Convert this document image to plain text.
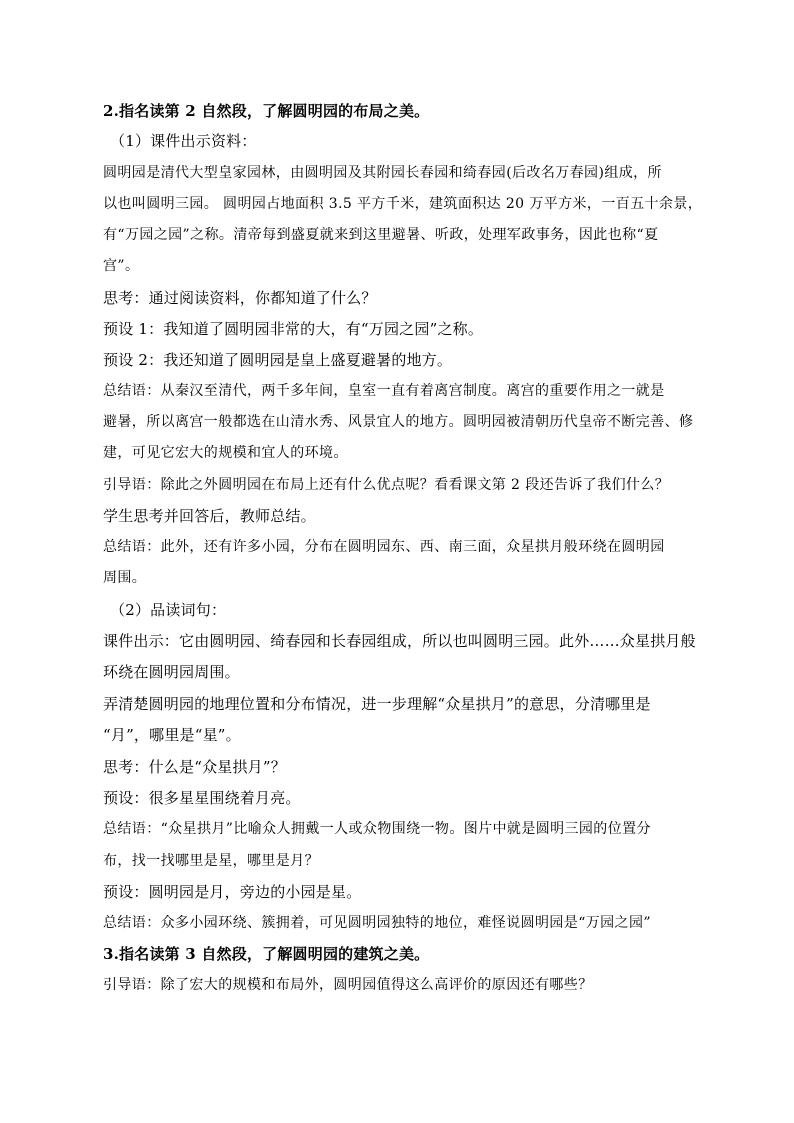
2.指名读第 2 自然段，了解圆明园的布局之美。
（1）课件出示资料：
圆明园是清代大型皇家园林，由圆明园及其附园长春园和绮春园(后改名万春园)组成，所
以也叫圆明三园。 圆明园占地面积 3.5 平方千米，建筑面积达 20 万平方米，一百五十余景，
有“万园之园”之称。清帝每到盛夏就来到这里避暑、听政，处理军政事务，因此也称“夏
宫”。
思考：通过阅读资料，你都知道了什么？
预设 1：我知道了圆明园非常的大，有“万园之园”之称。
预设 2：我还知道了圆明园是皇上盛夏避暑的地方。
总结语：从秦汉至清代，两千多年间，皇室一直有着离宫制度。离宫的重要作用之一就是
避暑，所以离宫一般都选在山清水秀、风景宜人的地方。圆明园被清朝历代皇帝不断完善、修
建，可见它宏大的规模和宜人的环境。
引导语：除此之外圆明园在布局上还有什么优点呢？看看课文第 2 段还告诉了我们什么？
学生思考并回答后，教师总结。
总结语：此外，还有许多小园，分布在圆明园东、西、南三面，众星拱月般环绕在圆明园
周围。
（2）品读词句：
课件出示：它由圆明园、绮春园和长春园组成，所以也叫圆明三园。此外……众星拱月般
环绕在圆明园周围。
弄清楚圆明园的地理位置和分布情况，进一步理解“众星拱月”的意思，分清哪里是
“月”，哪里是“星”。
思考：什么是“众星拱月”？
预设：很多星星围绕着月亮。
总结语：“众星拱月”比喻众人拥戴一人或众物围绕一物。图片中就是圆明三园的位置分
布，找一找哪里是星，哪里是月？
预设：圆明园是月，旁边的小园是星。
总结语：众多小园环绕、簇拥着，可见圆明园独特的地位，难怪说圆明园是“万园之园”
3.指名读第 3 自然段，了解圆明园的建筑之美。
引导语：除了宏大的规模和布局外，圆明园值得这么高评价的原因还有哪些？
